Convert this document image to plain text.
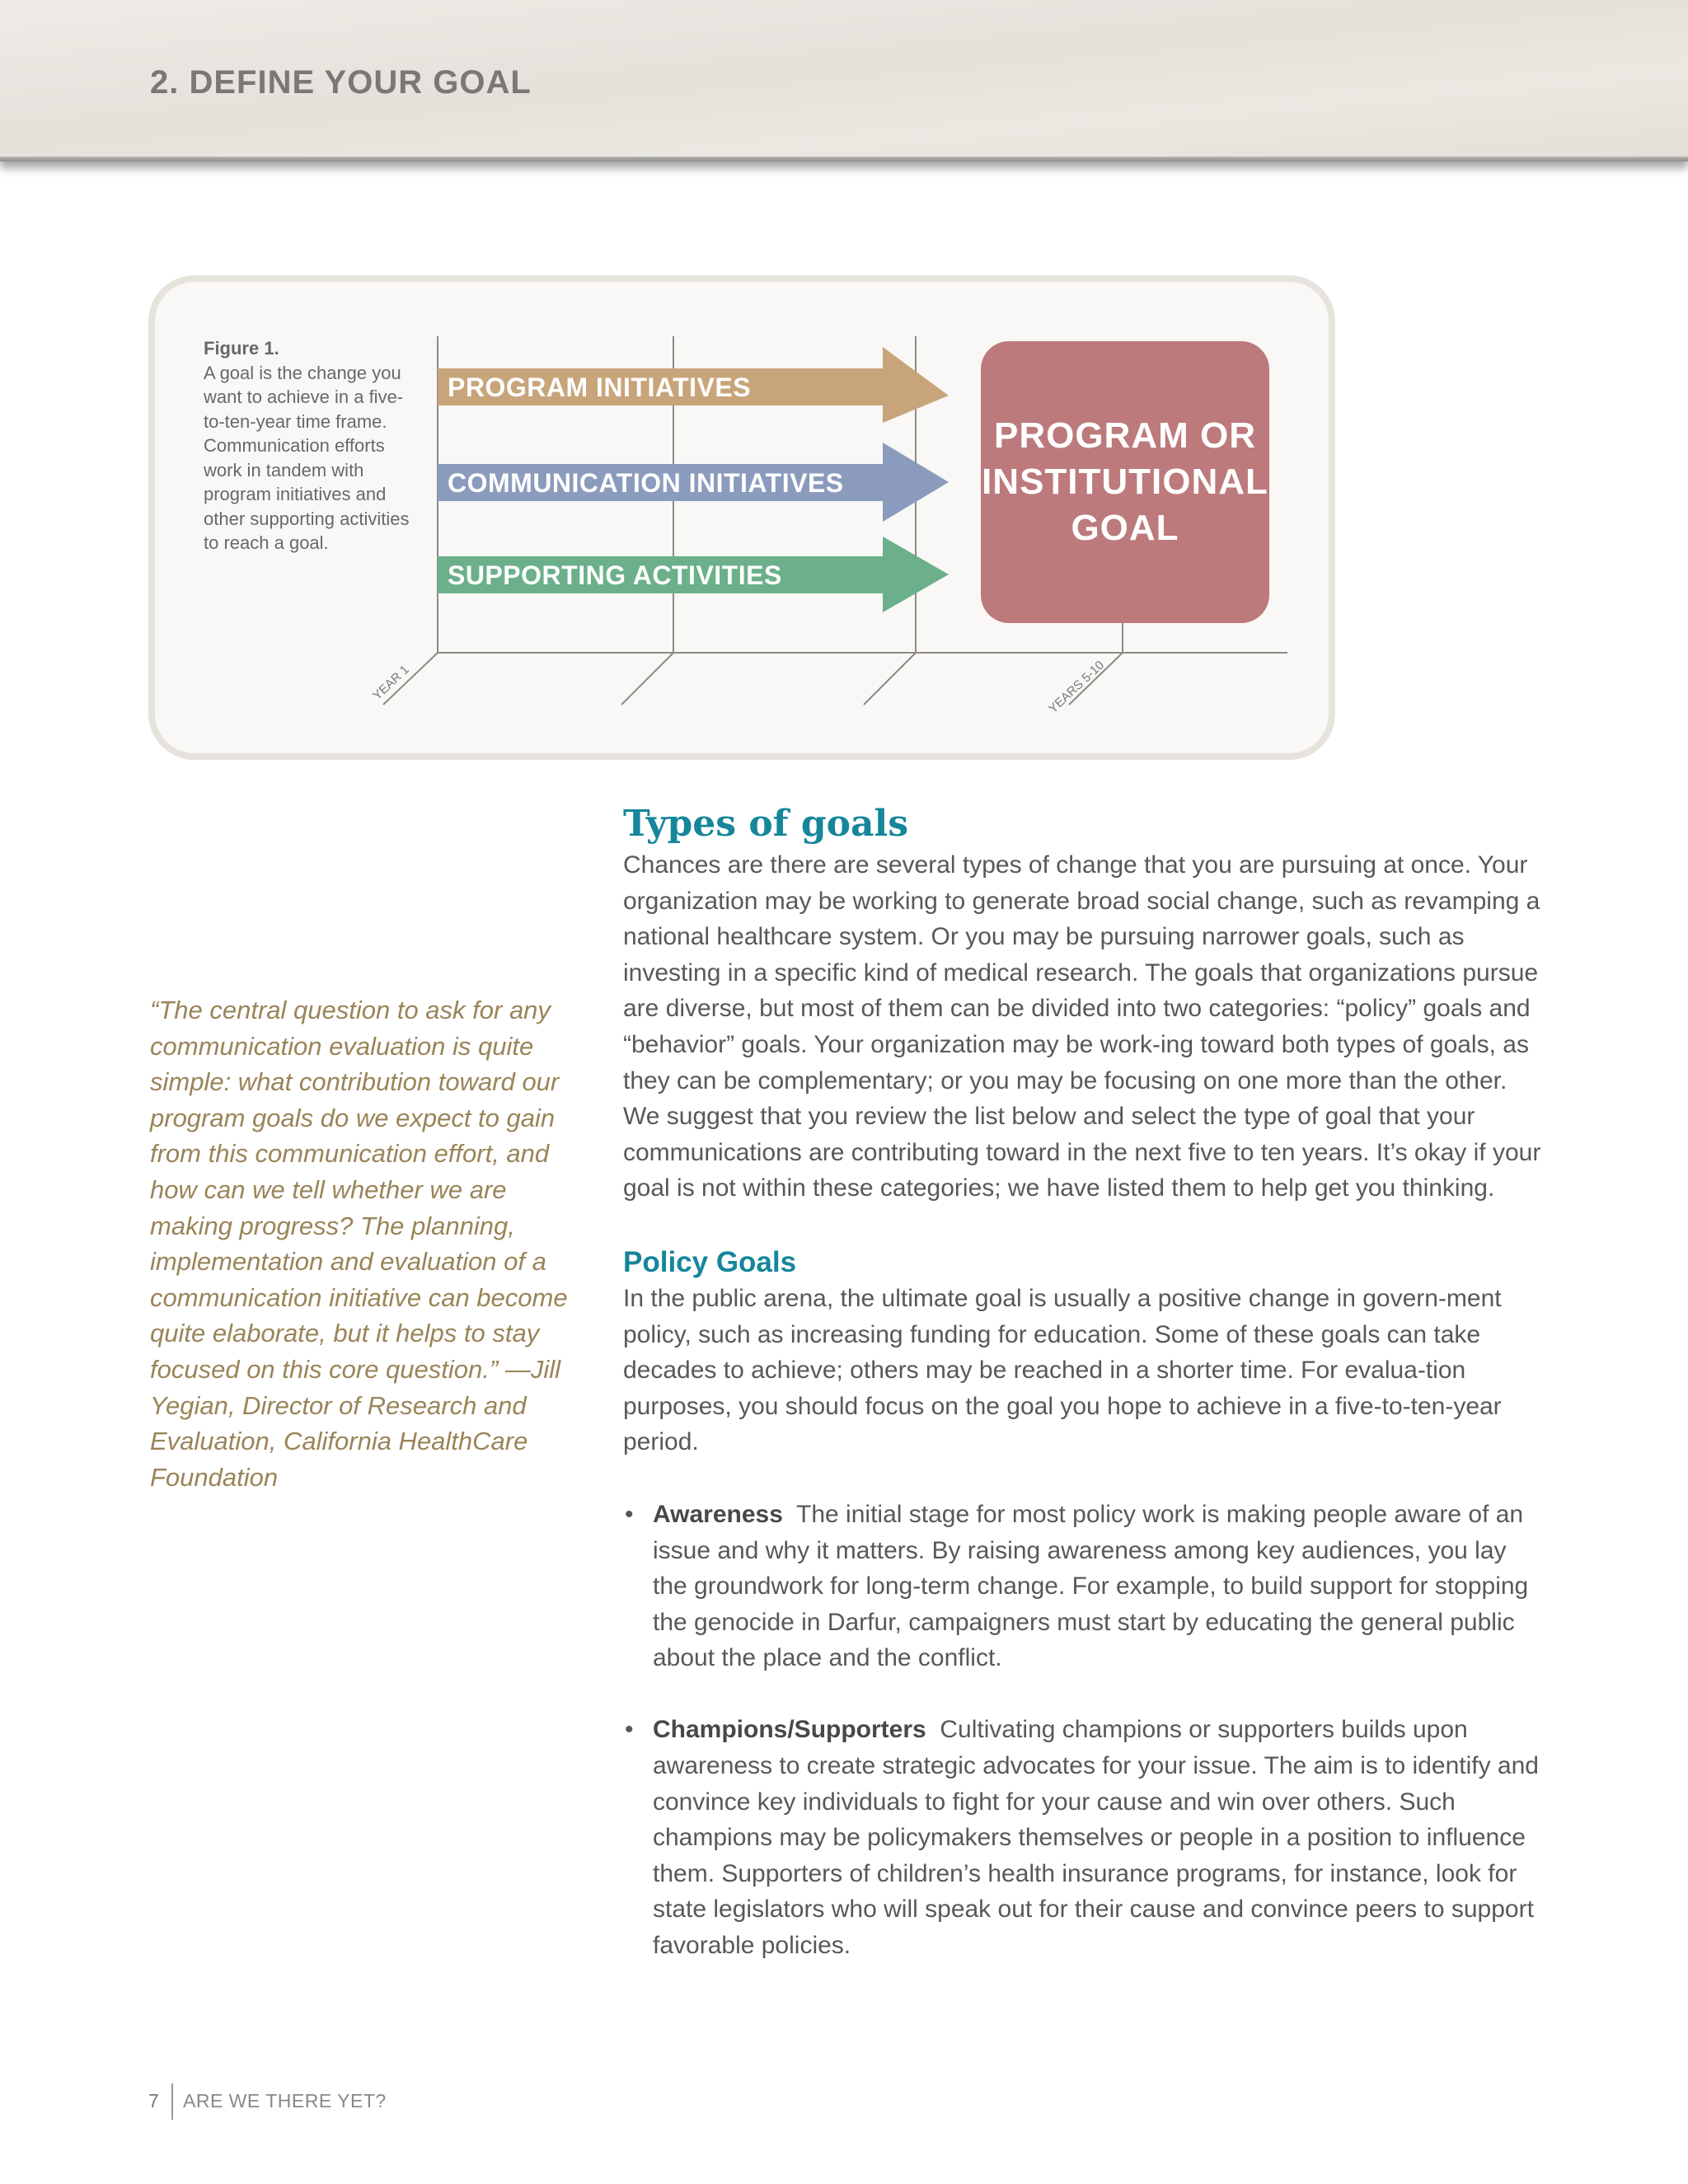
2. DEFINE YOUR GOAL
Figure 1.
A goal is the change you want to achieve in a five-to-ten-year time frame. Communication efforts work in tandem with program initiatives and other supporting activities to reach a goal.
PROGRAM INITIATIVES
COMMUNICATION INITIATIVES
SUPPORTING ACTIVITIES
YEAR 1	YEARS 5-10
PROGRAM OR
INSTITUTIONAL
GOAL
“The central question to ask for any communication evaluation is quite simple: what contribution toward our program goals do we expect to gain from this communication effort, and how can we tell whether we are making progress? The planning, implementation and evaluation of a communication initiative can become quite elaborate, but it helps to stay focused on this core question.” —Jill Yegian, Director of Research and Evaluation, California HealthCare Foundation
Types of goals

Chances are there are several types of change that you are pursuing at once. Your organization may be working to generate broad social change, such as revamping a national healthcare system. Or you may be pursuing narrower goals, such as investing in a specific kind of medical research. The goals that organizations pursue are diverse, but most of them can be divided into two categories: “policy” goals and “behavior” goals. Your organization may be work-ing toward both types of goals, as they can be complementary; or you may be focusing on one more than the other. We suggest that you review the list below and select the type of goal that your communications are contributing toward in the next five to ten years. It’s okay if your goal is not within these categories; we have listed them to help get you thinking.

Policy Goals

In the public arena, the ultimate goal is usually a positive change in govern-ment policy, such as increasing funding for education. Some of these goals can take decades to achieve; others may be reached in a shorter time. For evalua-tion purposes, you should focus on the goal you hope to achieve in a five-to-ten-year period.

• Awareness The initial stage for most policy work is making people aware of an issue and why it matters. By raising awareness among key audiences, you lay the groundwork for long-term change. For example, to build support for stopping the genocide in Darfur, campaigners must start by educating the general public about the place and the conflict.
• Champions/Supporters Cultivating champions or supporters builds upon awareness to create strategic advocates for your issue. The aim is to identify and convince key individuals to fight for your cause and win over others. Such champions may be policymakers themselves or people in a position to influence them. Supporters of children’s health insurance programs, for instance, look for state legislators who will speak out for their cause and convince peers to support favorable policies.
7 ARE WE THERE YET?
